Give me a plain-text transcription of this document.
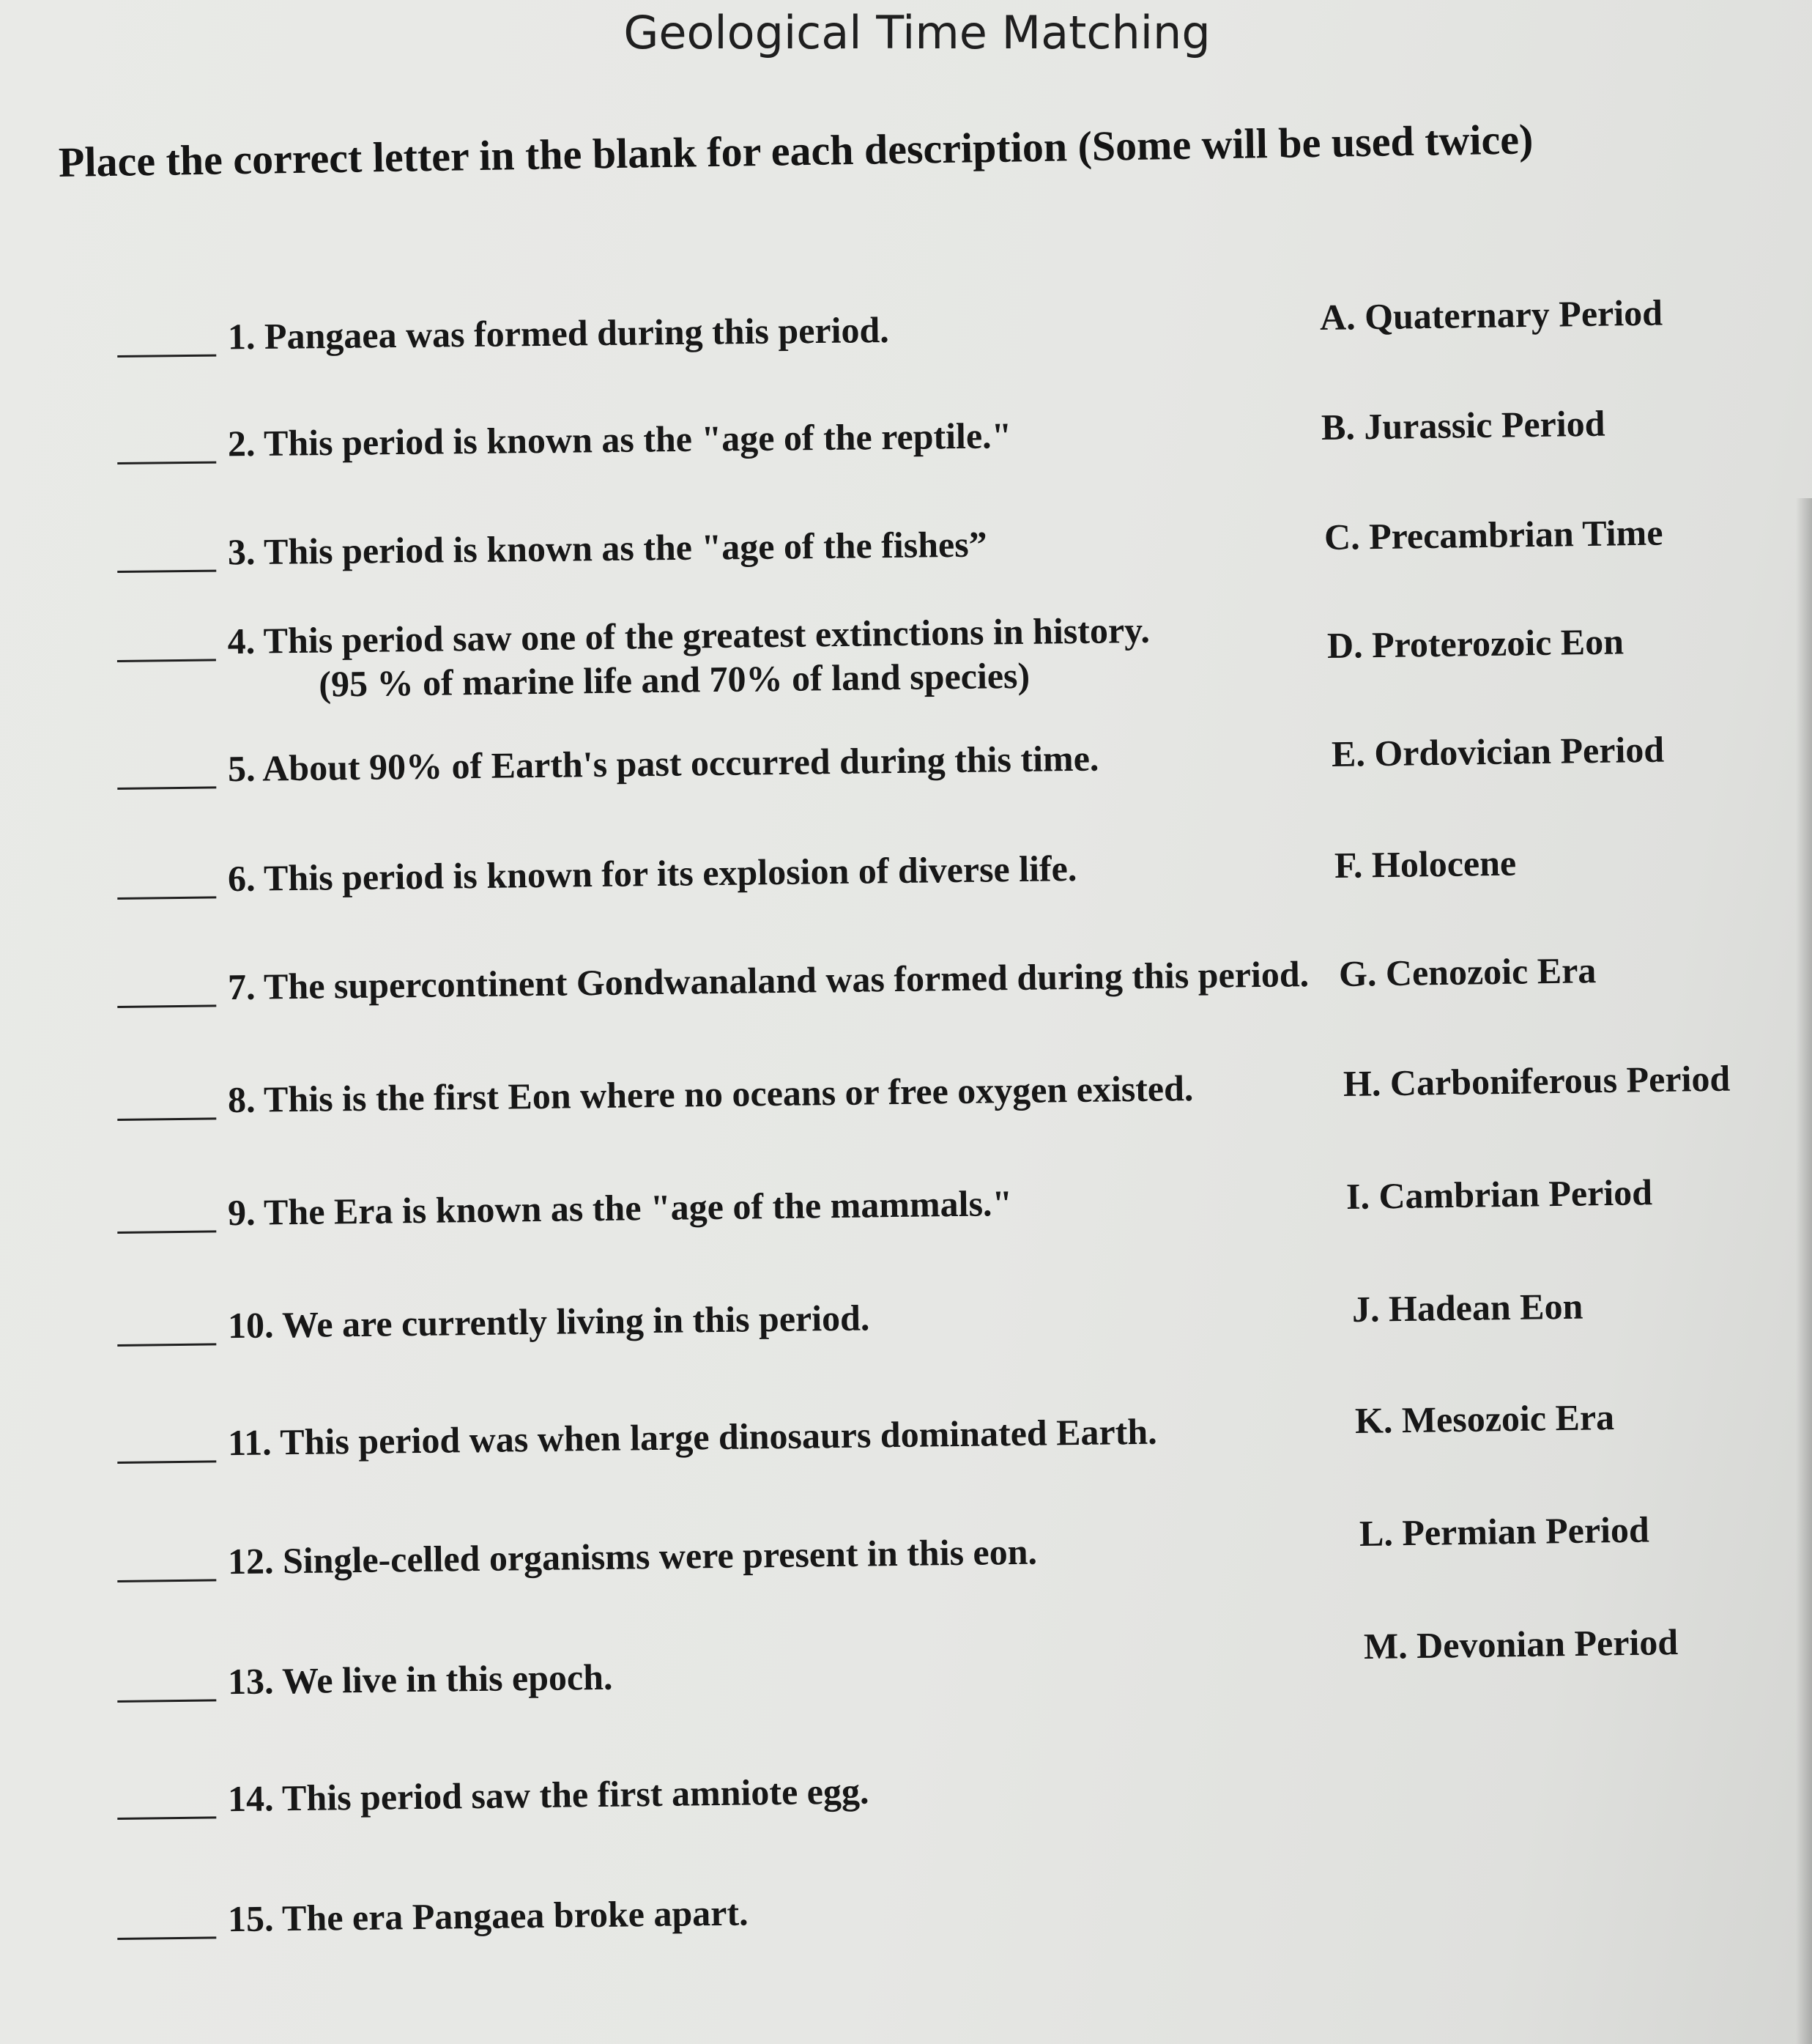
Geological Time Matching
Place the correct letter in the blank for each description (Some will be used twice)
1. Pangaea was formed during this period.
2. This period is known as the "age of the reptile."
3. This period is known as the "age of the fishes”
4. This period saw one of the greatest extinctions in history.
(95 % of marine life and 70% of land species)
5. About 90% of Earth's past occurred during this time.
6. This period is known for its explosion of diverse life.
7. The supercontinent Gondwanaland was formed during this period.
8. This is the first Eon where no oceans or free oxygen existed.
9. The Era is known as the "age of the mammals."
10. We are currently living in this period.
11. This period was when large dinosaurs dominated Earth.
12. Single-celled organisms were present in this eon.
13. We live in this epoch.
14. This period saw the first amniote egg.
15. The era Pangaea broke apart.
A. Quaternary Period
B. Jurassic Period
C. Precambrian Time
D. Proterozoic Eon
E. Ordovician Period
F. Holocene
G. Cenozoic Era
H. Carboniferous Period
I. Cambrian Period
J. Hadean Eon
K. Mesozoic Era
L. Permian Period
M. Devonian Period
